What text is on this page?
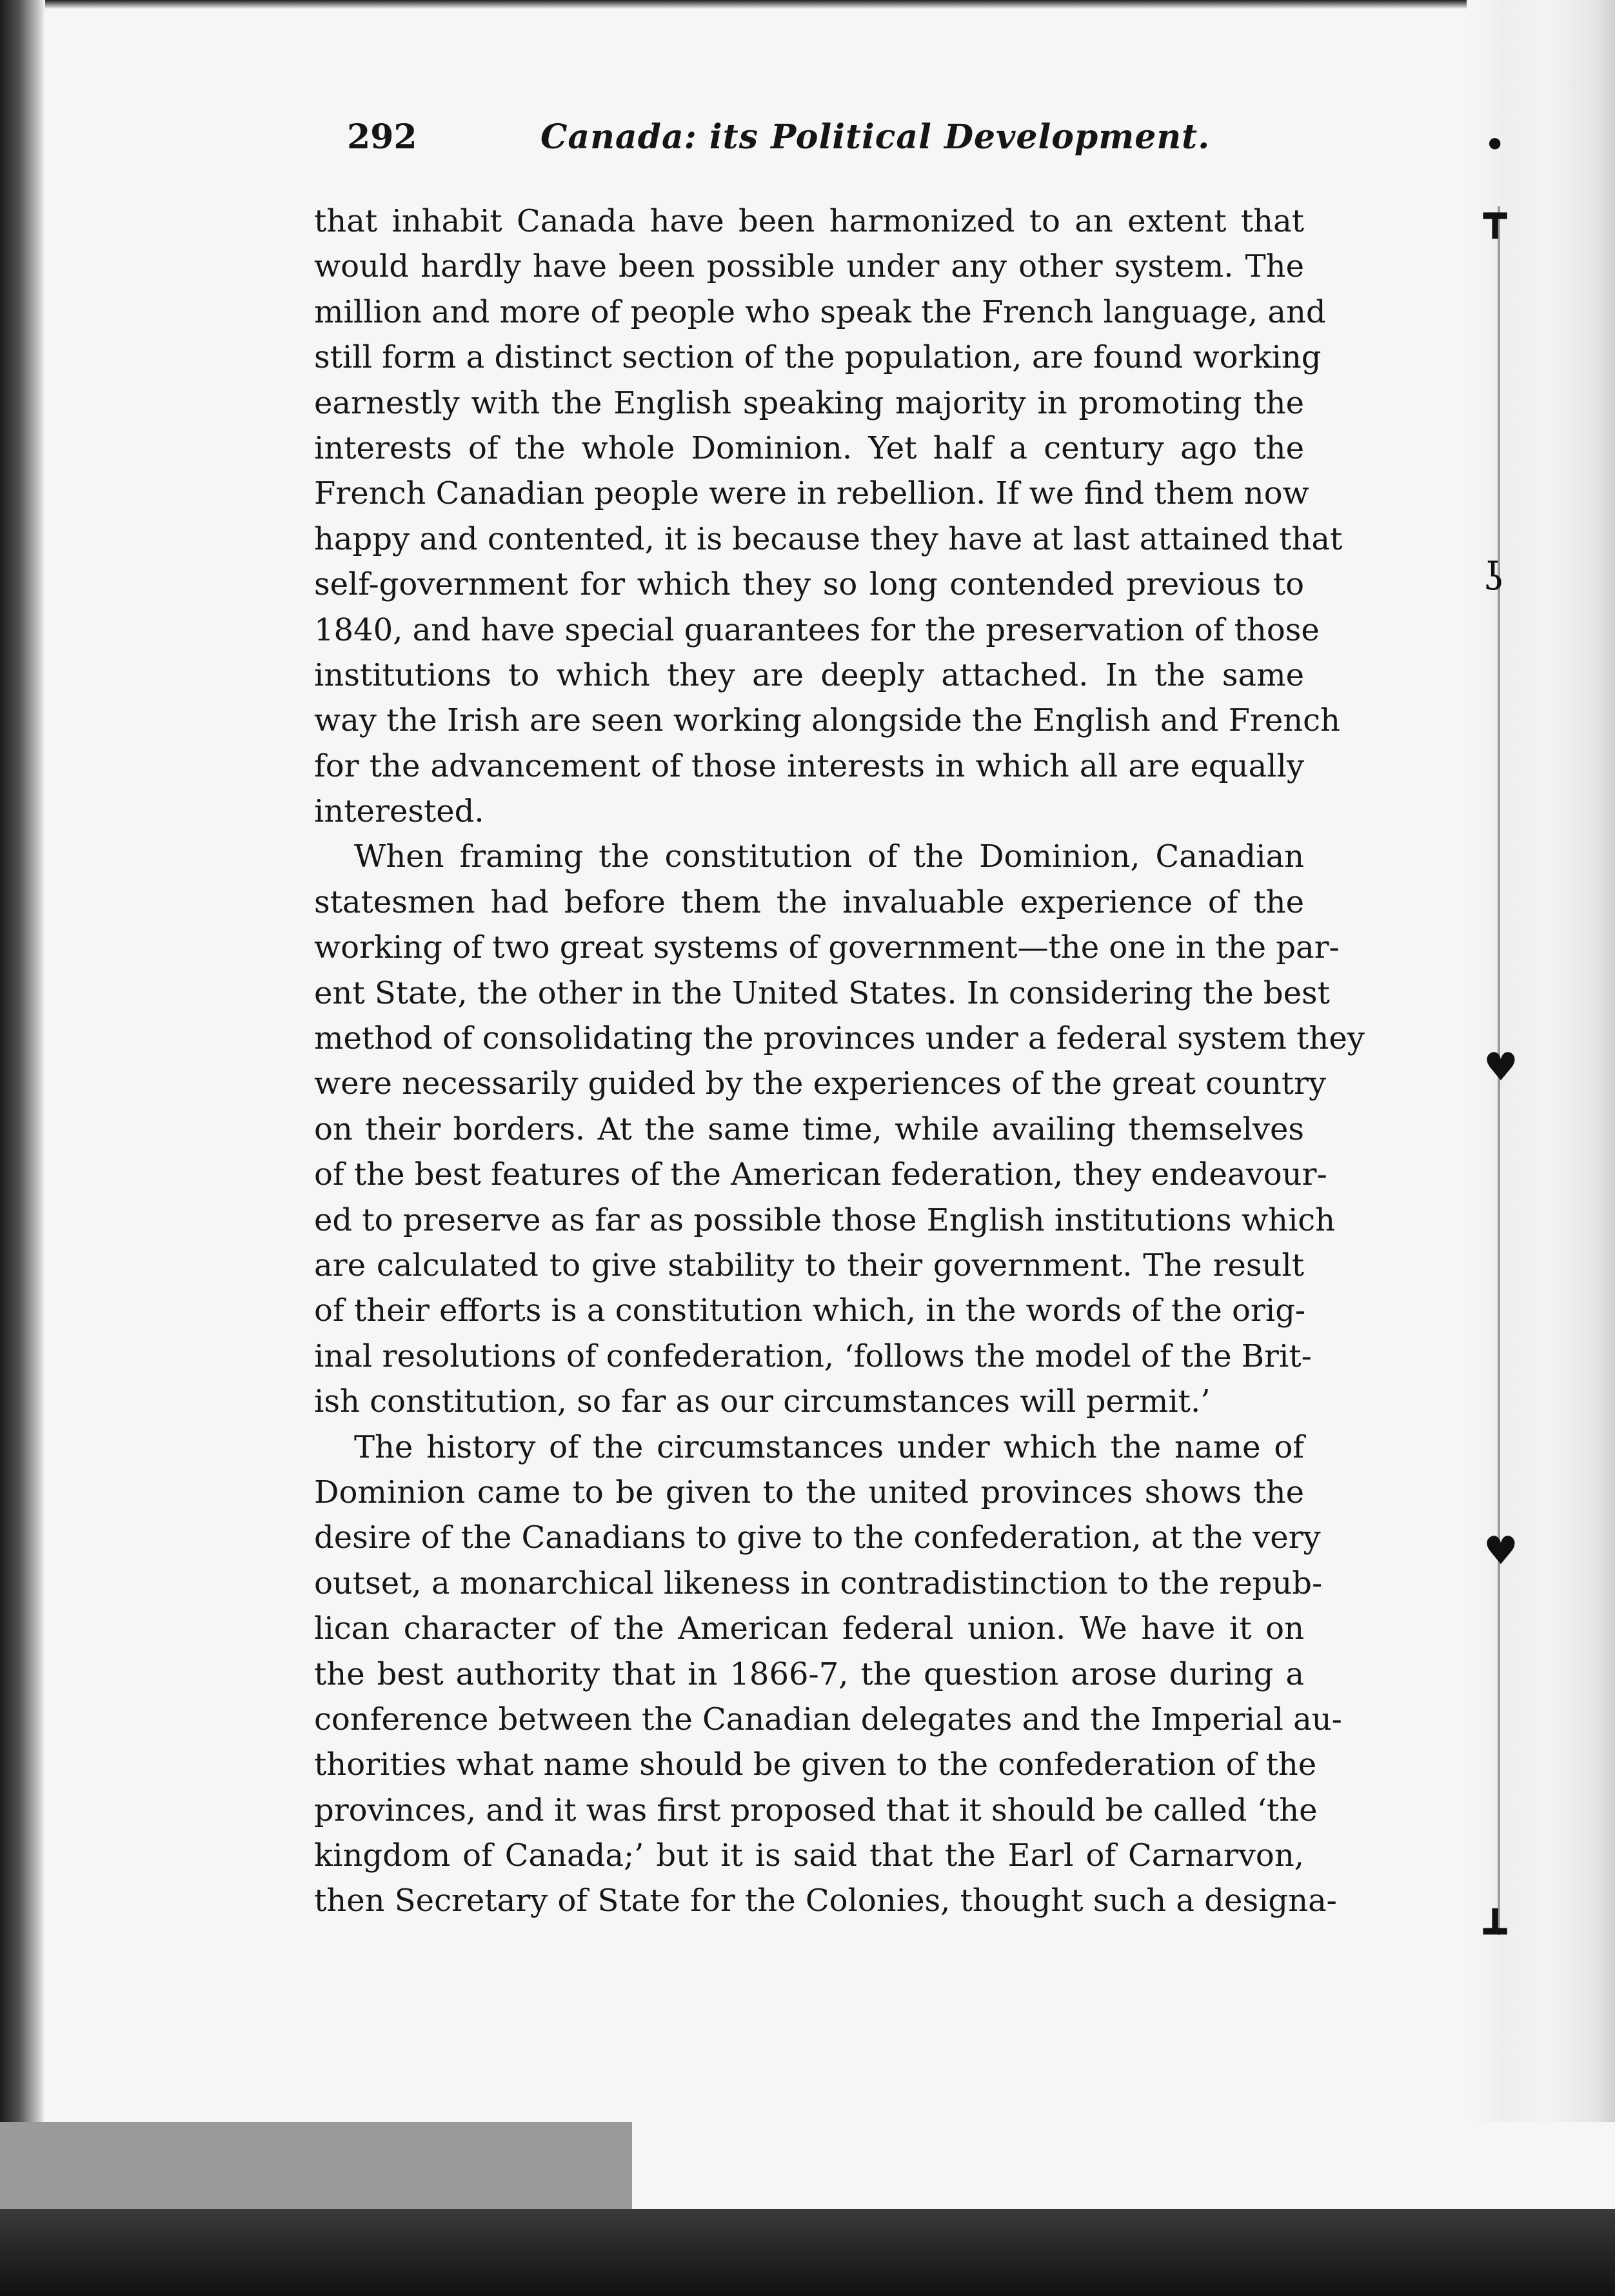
•
┳
ʖ
♥
♥
┻
292	Canada: its Political Development.
that inhabit Canada have been harmonized to an extent that
would hardly have been possible under any other system. The
million and more of people who speak the French language, and
still form a distinct section of the population, are found working
earnestly with the English speaking majority in promoting the
interests of the whole Dominion. Yet half a century ago the
French Canadian people were in rebellion. If we find them now
happy and contented, it is because they have at last attained that
self-government for which they so long contended previous to
1840, and have special guarantees for the preservation of those
institutions to which they are deeply attached. In the same
way the Irish are seen working alongside the English and French
for the advancement of those interests in which all are equally
interested.
When framing the constitution of the Dominion, Canadian
statesmen had before them the invaluable experience of the
working of two great systems of government—the one in the par-
ent State, the other in the United States. In considering the best
method of consolidating the provinces under a federal system they
were necessarily guided by the experiences of the great country
on their borders. At the same time, while availing themselves
of the best features of the American federation, they endeavour-
ed to preserve as far as possible those English institutions which
are calculated to give stability to their government. The result
of their efforts is a constitution which, in the words of the orig-
inal resolutions of confederation, ‘follows the model of the Brit-
ish constitution, so far as our circumstances will permit.’
The history of the circumstances under which the name of
Dominion came to be given to the united provinces shows the
desire of the Canadians to give to the confederation, at the very
outset, a monarchical likeness in contradistinction to the repub-
lican character of the American federal union. We have it on
the best authority that in 1866-7, the question arose during a
conference between the Canadian delegates and the Imperial au-
thorities what name should be given to the confederation of the
provinces, and it was first proposed that it should be called ‘the
kingdom of Canada;’ but it is said that the Earl of Carnarvon,
then Secretary of State for the Colonies, thought such a designa-
